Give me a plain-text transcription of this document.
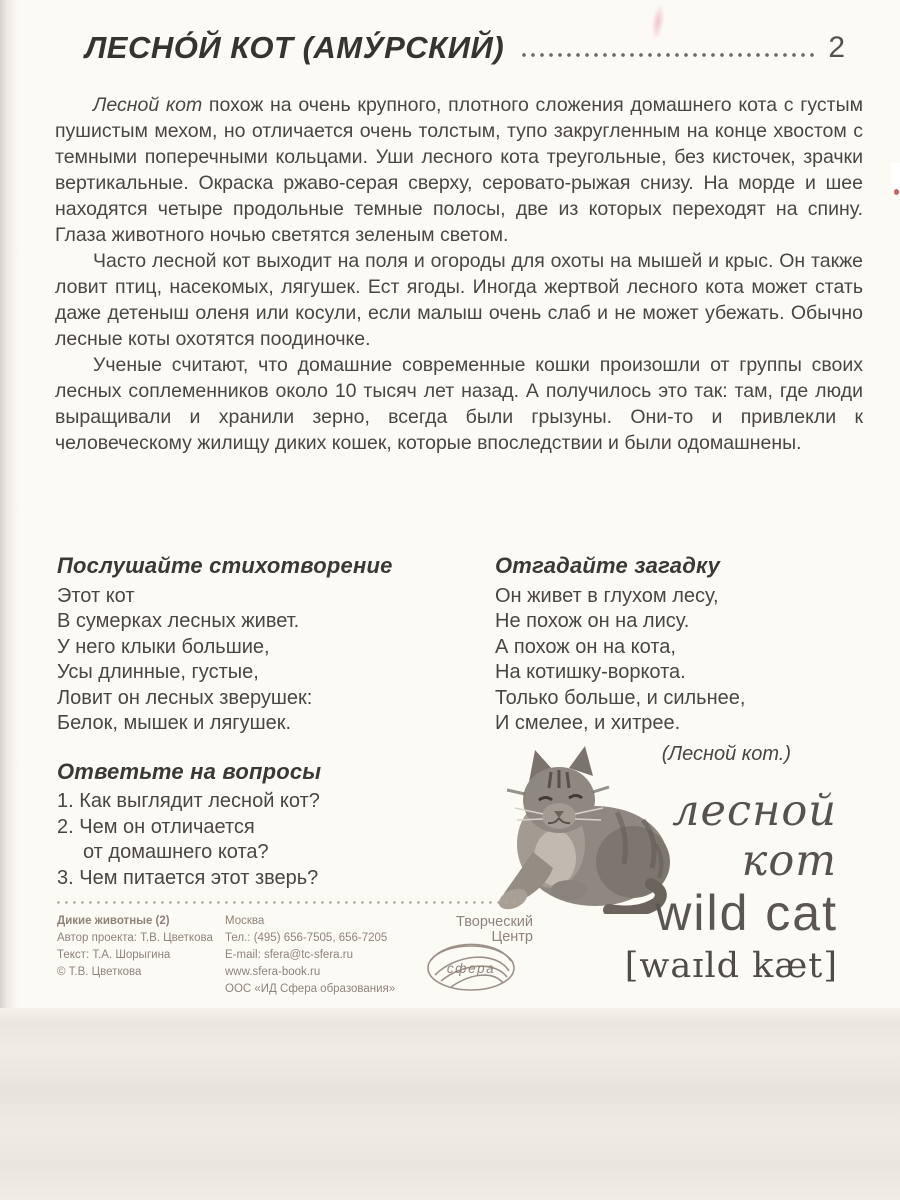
ЛЕСНО́Й КОТ (АМУ́РСКИЙ)	2

Лесной кот похож на очень крупного, плотного сложения домашнего кота с густым пушистым мехом, но отличается очень толстым, тупо закругленным на конце хвостом с темными поперечными кольцами. Уши лесного кота треугольные, без кисточек, зрачки вертикальные. Окраска ржаво-серая сверху, серовато-рыжая снизу. На морде и шее находятся четыре продольные темные полосы, две из которых переходят на спину. Глаза животного ночью светятся зеленым светом.

Часто лесной кот выходит на поля и огороды для охоты на мышей и крыс. Он также ловит птиц, насекомых, лягушек. Ест ягоды. Иногда жертвой лесного кота может стать даже детеныш оленя или косули, если малыш очень слаб и не может убежать. Обычно лесные коты охотятся поодиночке.

Ученые считают, что домашние современные кошки произошли от группы своих лесных соплеменников около 10 тысяч лет назад. А получилось это так: там, где люди выращивали и хранили зерно, всегда были грызуны. Они-то и привлекли к человеческому жилищу диких кошек, которые впоследствии и были одомашнены.

Послушайте стихотворение
Этот кот
В сумерках лесных живет.
У него клыки большие,
Усы длинные, густые,
Ловит он лесных зверушек:
Белок, мышек и лягушек.
Ответьте на вопросы
1. Как выглядит лесной кот?
2. Чем он отличается
от домашнего кота?
3. Чем питается этот зверь?
Отгадайте загадку
Он живет в глухом лесу,
Не похож он на лису.
А похож он на кота,
На котишку-воркота.
Только больше, и сильнее,
И смелее, и хитрее.
(Лесной кот.)
лесной
кот
wild cat
[waɪld kæt]
Дикие животные (2)
Автор проекта: Т.В. Цветкова
Текст: Т.А. Шорыгина
© Т.В. Цветкова
Москва
Тел.: (495) 656-7505, 656-7205
E-mail: sfera@tc-sfera.ru
www.sfera-book.ru
ООС «ИД Сфера образования»
Творческий
Центр
сфера
